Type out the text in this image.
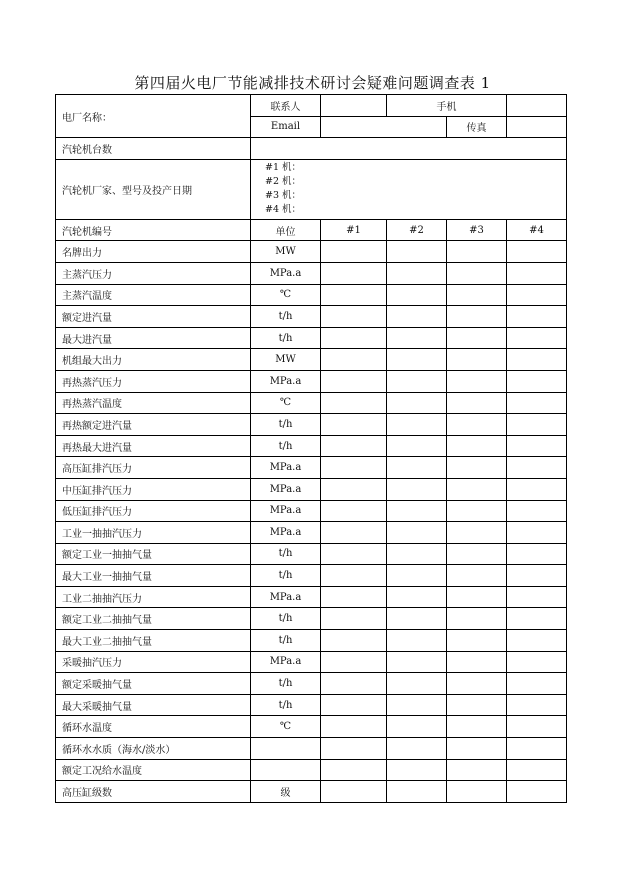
第四届火电厂节能减排技术研讨会疑难问题调查表 1
电厂名称：	联系人		手机		
	Email			传真	
汽轮机台数					
汽轮机厂家、型号及投产日期	#1 机：
#2 机：
#3 机：
#4 机：				

汽轮机编号	单位	#1	#2	#3	#4
名牌出力	MW				
主蒸汽压力	MPa.a				
主蒸汽温度	℃				
额定进汽量	t/h				
最大进汽量	t/h				
机组最大出力	MW				
再热蒸汽压力	MPa.a				
再热蒸汽温度	℃				
再热额定进汽量	t/h				
再热最大进汽量	t/h				
高压缸排汽压力	MPa.a				
中压缸排汽压力	MPa.a				
低压缸排汽压力	MPa.a				
工业一抽抽汽压力	MPa.a				
额定工业一抽抽气量	t/h				
最大工业一抽抽气量	t/h				
工业二抽抽汽压力	MPa.a				
额定工业二抽抽气量	t/h				
最大工业二抽抽气量	t/h				
采暖抽汽压力	MPa.a				
额定采暖抽气量	t/h				
最大采暖抽气量	t/h				
循环水温度	℃				
循环水水质（海水/淡水）					
额定工况给水温度					
高压缸级数	级				
